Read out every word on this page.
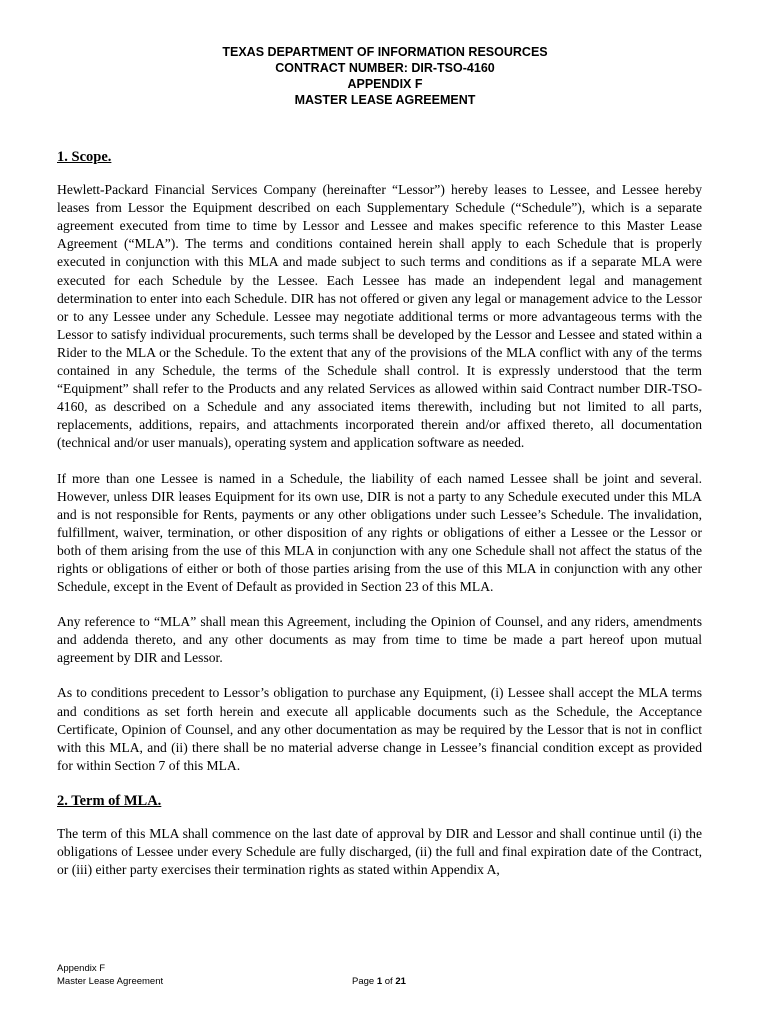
TEXAS DEPARTMENT OF INFORMATION RESOURCES
CONTRACT NUMBER: DIR-TSO-4160
APPENDIX F
MASTER LEASE AGREEMENT
1. Scope.

Hewlett-Packard Financial Services Company (hereinafter “Lessor”) hereby leases to Lessee, and Lessee hereby leases from Lessor the Equipment described on each Supplementary Schedule (“Schedule”), which is a separate agreement executed from time to time by Lessor and Lessee and makes specific reference to this Master Lease Agreement (“MLA”). The terms and conditions contained herein shall apply to each Schedule that is properly executed in conjunction with this MLA and made subject to such terms and conditions as if a separate MLA were executed for each Schedule by the Lessee. Each Lessee has made an independent legal and management determination to enter into each Schedule. DIR has not offered or given any legal or management advice to the Lessor or to any Lessee under any Schedule. Lessee may negotiate additional terms or more advantageous terms with the Lessor to satisfy individual procurements, such terms shall be developed by the Lessor and Lessee and stated within a Rider to the MLA or the Schedule. To the extent that any of the provisions of the MLA conflict with any of the terms contained in any Schedule, the terms of the Schedule shall control. It is expressly understood that the term “Equipment” shall refer to the Products and any related Services as allowed within said Contract number DIR-TSO-4160, as described on a Schedule and any associated items therewith, including but not limited to all parts, replacements, additions, repairs, and attachments incorporated therein and/or affixed thereto, all documentation (technical and/or user manuals), operating system and application software as needed.

If more than one Lessee is named in a Schedule, the liability of each named Lessee shall be joint and several. However, unless DIR leases Equipment for its own use, DIR is not a party to any Schedule executed under this MLA and is not responsible for Rents, payments or any other obligations under such Lessee’s Schedule. The invalidation, fulfillment, waiver, termination, or other disposition of any rights or obligations of either a Lessee or the Lessor or both of them arising from the use of this MLA in conjunction with any one Schedule shall not affect the status of the rights or obligations of either or both of those parties arising from the use of this MLA in conjunction with any other Schedule, except in the Event of Default as provided in Section 23 of this MLA.

Any reference to “MLA” shall mean this Agreement, including the Opinion of Counsel, and any riders, amendments and addenda thereto, and any other documents as may from time to time be made a part hereof upon mutual agreement by DIR and Lessor.

As to conditions precedent to Lessor’s obligation to purchase any Equipment, (i) Lessee shall accept the MLA terms and conditions as set forth herein and execute all applicable documents such as the Schedule, the Acceptance Certificate, Opinion of Counsel, and any other documentation as may be required by the Lessor that is not in conflict with this MLA, and (ii) there shall be no material adverse change in Lessee’s financial condition except as provided for within Section 7 of this MLA.

2. Term of MLA.

The term of this MLA shall commence on the last date of approval by DIR and Lessor and shall continue until (i) the obligations of Lessee under every Schedule are fully discharged, (ii) the full and final expiration date of the Contract, or (iii) either party exercises their termination rights as stated within Appendix A,

Appendix F
Master Lease Agreement	Page 1 of 21
